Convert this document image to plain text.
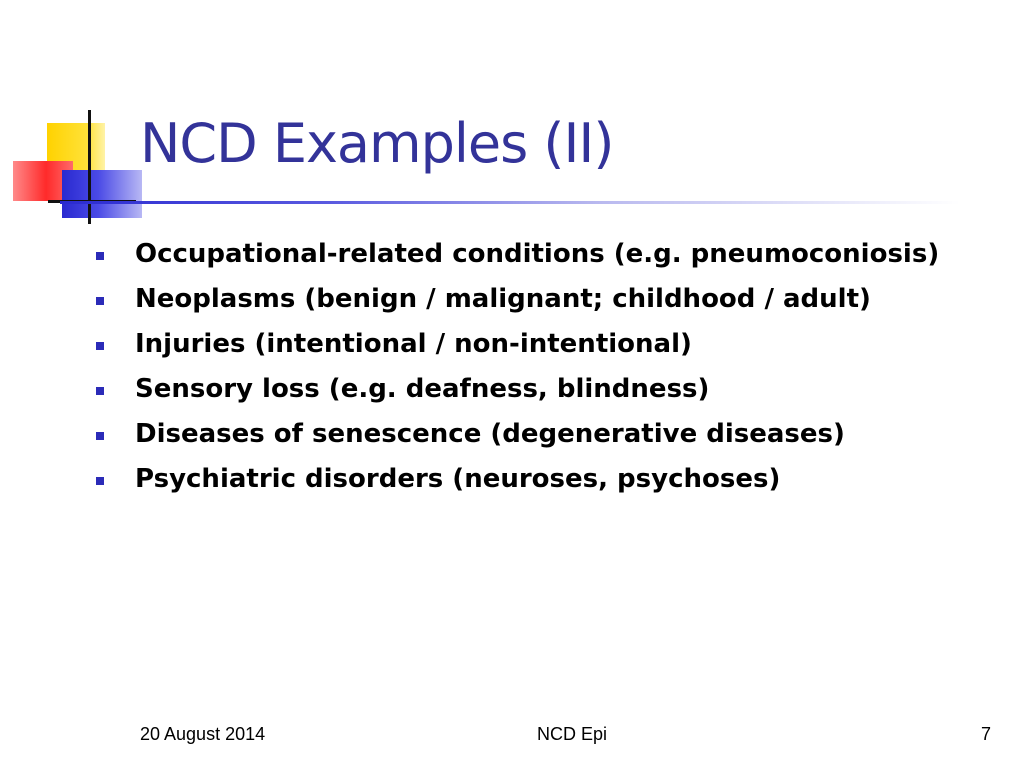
NCD Examples (II)
Occupational-related conditions (e.g. pneumoconiosis)
Neoplasms (benign / malignant; childhood / adult)
Injuries (intentional / non-intentional)
Sensory loss (e.g. deafness, blindness)
Diseases of senescence (degenerative diseases)
Psychiatric disorders (neuroses, psychoses)
20 August 2014	NCD Epi	7
